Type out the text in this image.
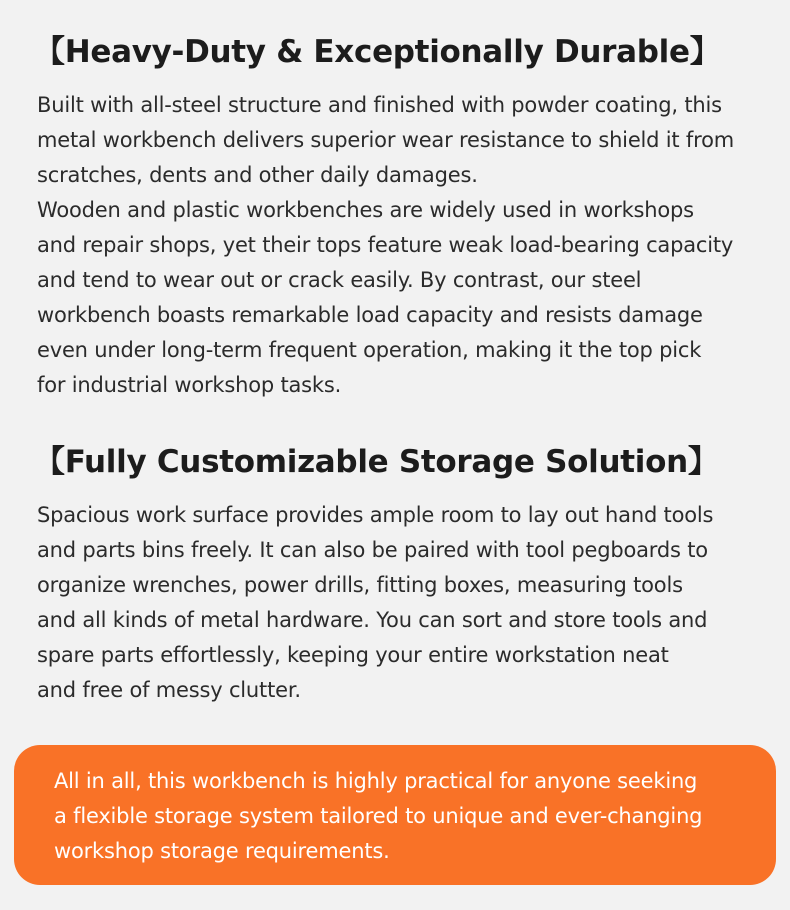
【Heavy-Duty & Exceptionally Durable】

Built with all-steel structure and finished with powder coating, this
metal workbench delivers superior wear resistance to shield it from
scratches, dents and other daily damages.
Wooden and plastic workbenches are widely used in workshops
and repair shops, yet their tops feature weak load-bearing capacity
and tend to wear out or crack easily. By contrast, our steel
workbench boasts remarkable load capacity and resists damage
even under long-term frequent operation, making it the top pick
for industrial workshop tasks.

【Fully Customizable Storage Solution】

Spacious work surface provides ample room to lay out hand tools
and parts bins freely. It can also be paired with tool pegboards to
organize wrenches, power drills, fitting boxes, measuring tools
and all kinds of metal hardware. You can sort and store tools and
spare parts effortlessly, keeping your entire workstation neat
and free of messy clutter.

All in all, this workbench is highly practical for anyone seeking
a flexible storage system tailored to unique and ever-changing
workshop storage requirements.
